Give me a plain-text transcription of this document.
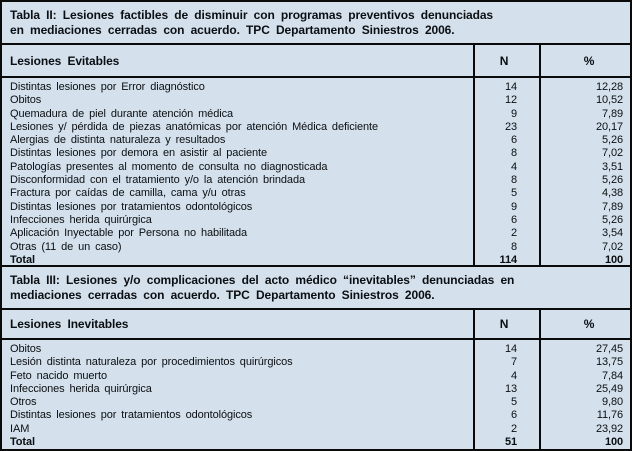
Tabla II: Lesiones factibles de disminuir con programas preventivos denunciadas
en mediaciones cerradas con acuerdo. TPC Departamento Siniestros 2006.
Lesiones Evitables	N	%
Distintas lesiones por Error diagnóstico	14	12,28
Obitos	12	10,52
Quemadura de piel durante atención médica	9	7,89
Lesiones y/ pérdida de piezas anatómicas por atención Médica deficiente	23	20,17
Alergias de distinta naturaleza y resultados	6	5,26
Distintas lesiones por demora en asistir al paciente	8	7,02
Patologías presentes al momento de consulta no diagnosticada	4	3,51
Disconformidad con el tratamiento y/o la atención brindada	8	5,26
Fractura por caídas de camilla, cama y/u otras	5	4,38
Distintas lesiones por tratamientos odontológicos	9	7,89
Infecciones herida quirúrgica	6	5,26
Aplicación Inyectable por Persona no habilitada	2	3,54
Otras (11 de un caso)	8	7,02
Total	114	100
Tabla III: Lesiones y/o complicaciones del acto médico “inevitables” denunciadas en
mediaciones cerradas con acuerdo. TPC Departamento Siniestros 2006.
Lesiones Inevitables	N	%
Obitos	14	27,45
Lesión distinta naturaleza por procedimientos quirúrgicos	7	13,75
Feto nacido muerto	4	7,84
Infecciones herida quirúrgica	13	25,49
Otros	5	9,80
Distintas lesiones por tratamientos odontológicos	6	11,76
IAM	2	23,92
Total	51	100
